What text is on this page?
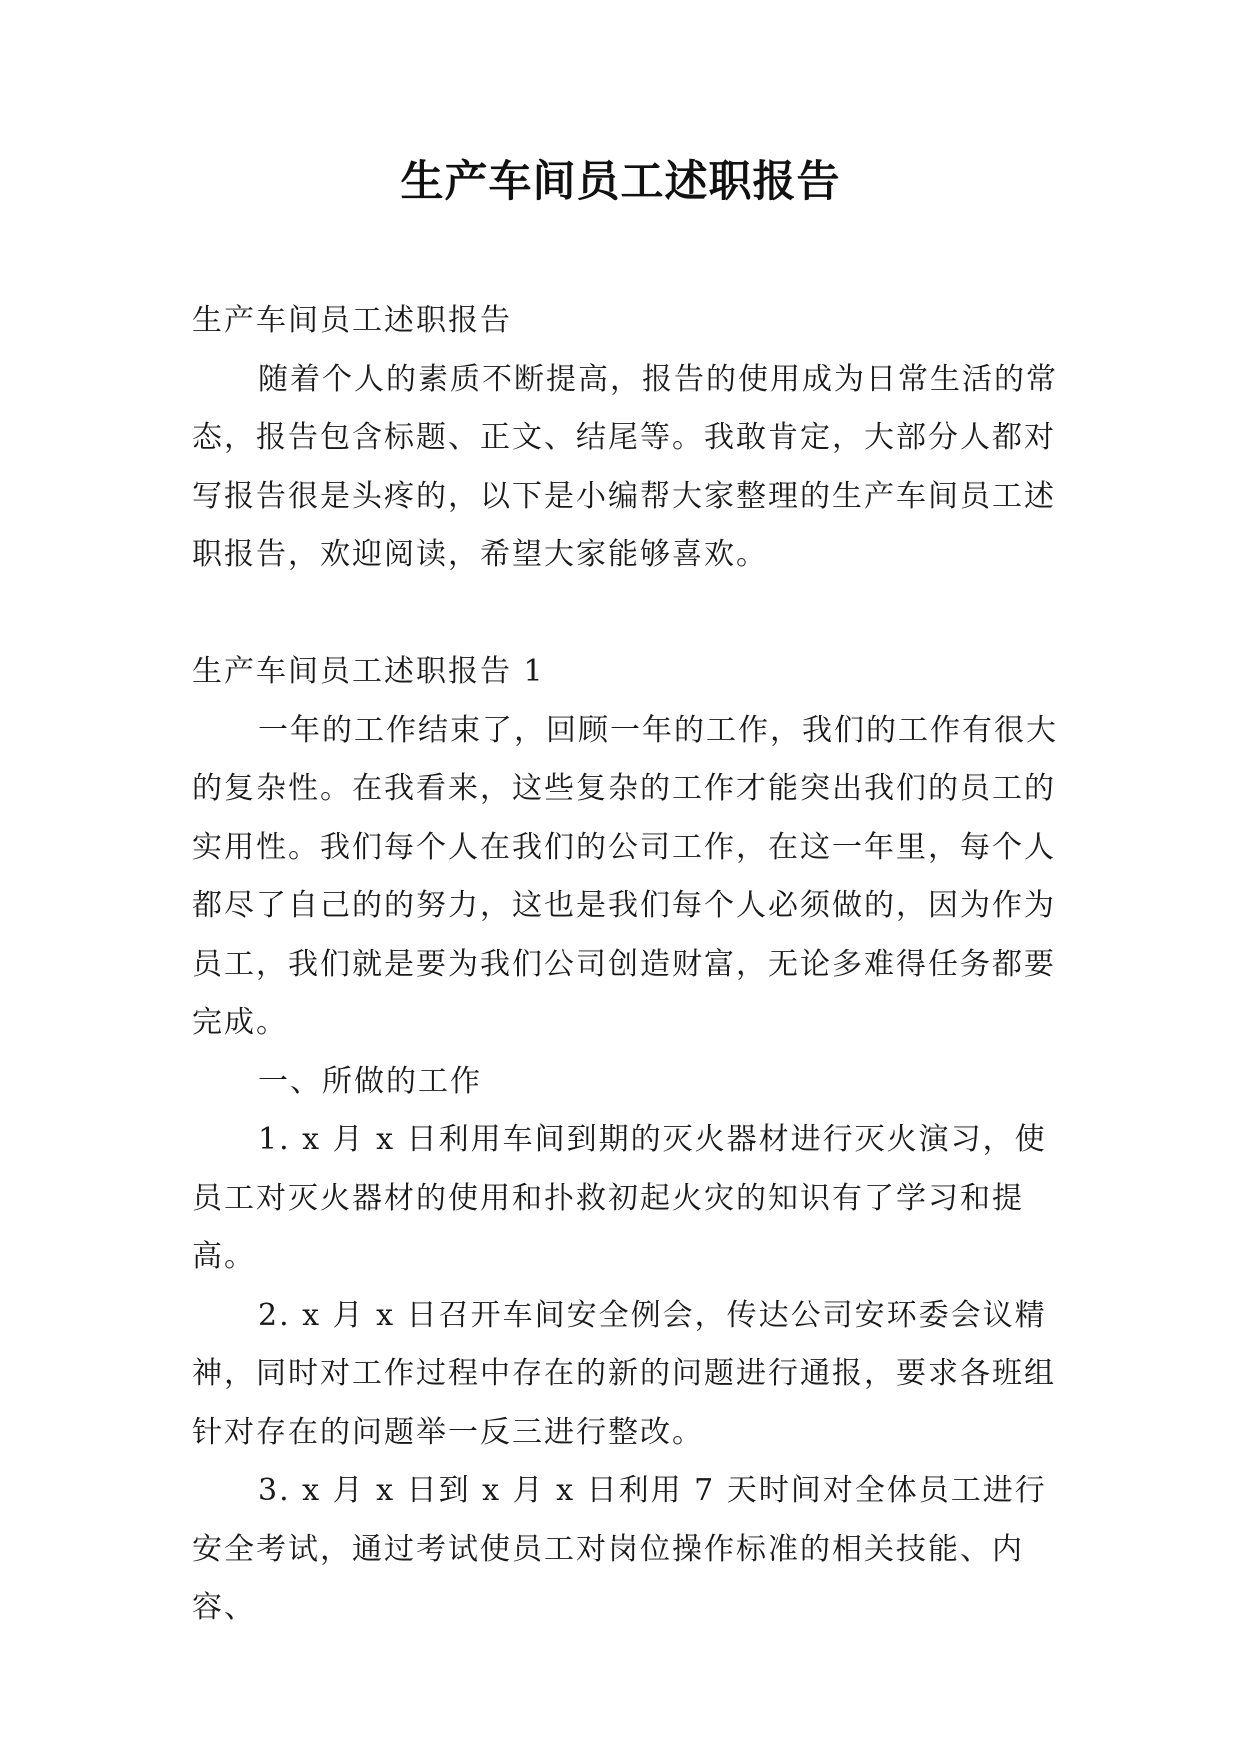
生产车间员工述职报告

生产车间员工述职报告

随着个人的素质不断提高，报告的使用成为日常生活的常态，报告包含标题、正文、结尾等。我敢肯定，大部分人都对写报告很是头疼的，以下是小编帮大家整理的生产车间员工述职报告，欢迎阅读，希望大家能够喜欢。

生产车间员工述职报告 1

一年的工作结束了，回顾一年的工作，我们的工作有很大的复杂性。在我看来，这些复杂的工作才能突出我们的员工的实用性。我们每个人在我们的公司工作，在这一年里，每个人都尽了自己的的努力，这也是我们每个人必须做的，因为作为员工，我们就是要为我们公司创造财富，无论多难得任务都要完成。

一、所做的工作

1. x 月 x 日利用车间到期的灭火器材进行灭火演习，使员工对灭火器材的使用和扑救初起火灾的知识有了学习和提高。

2. x 月 x 日召开车间安全例会，传达公司安环委会议精神，同时对工作过程中存在的新的问题进行通报，要求各班组针对存在的问题举一反三进行整改。

3. x 月 x 日到 x 月 x 日利用 7 天时间对全体员工进行安全考试，通过考试使员工对岗位操作标准的相关技能、内容、
